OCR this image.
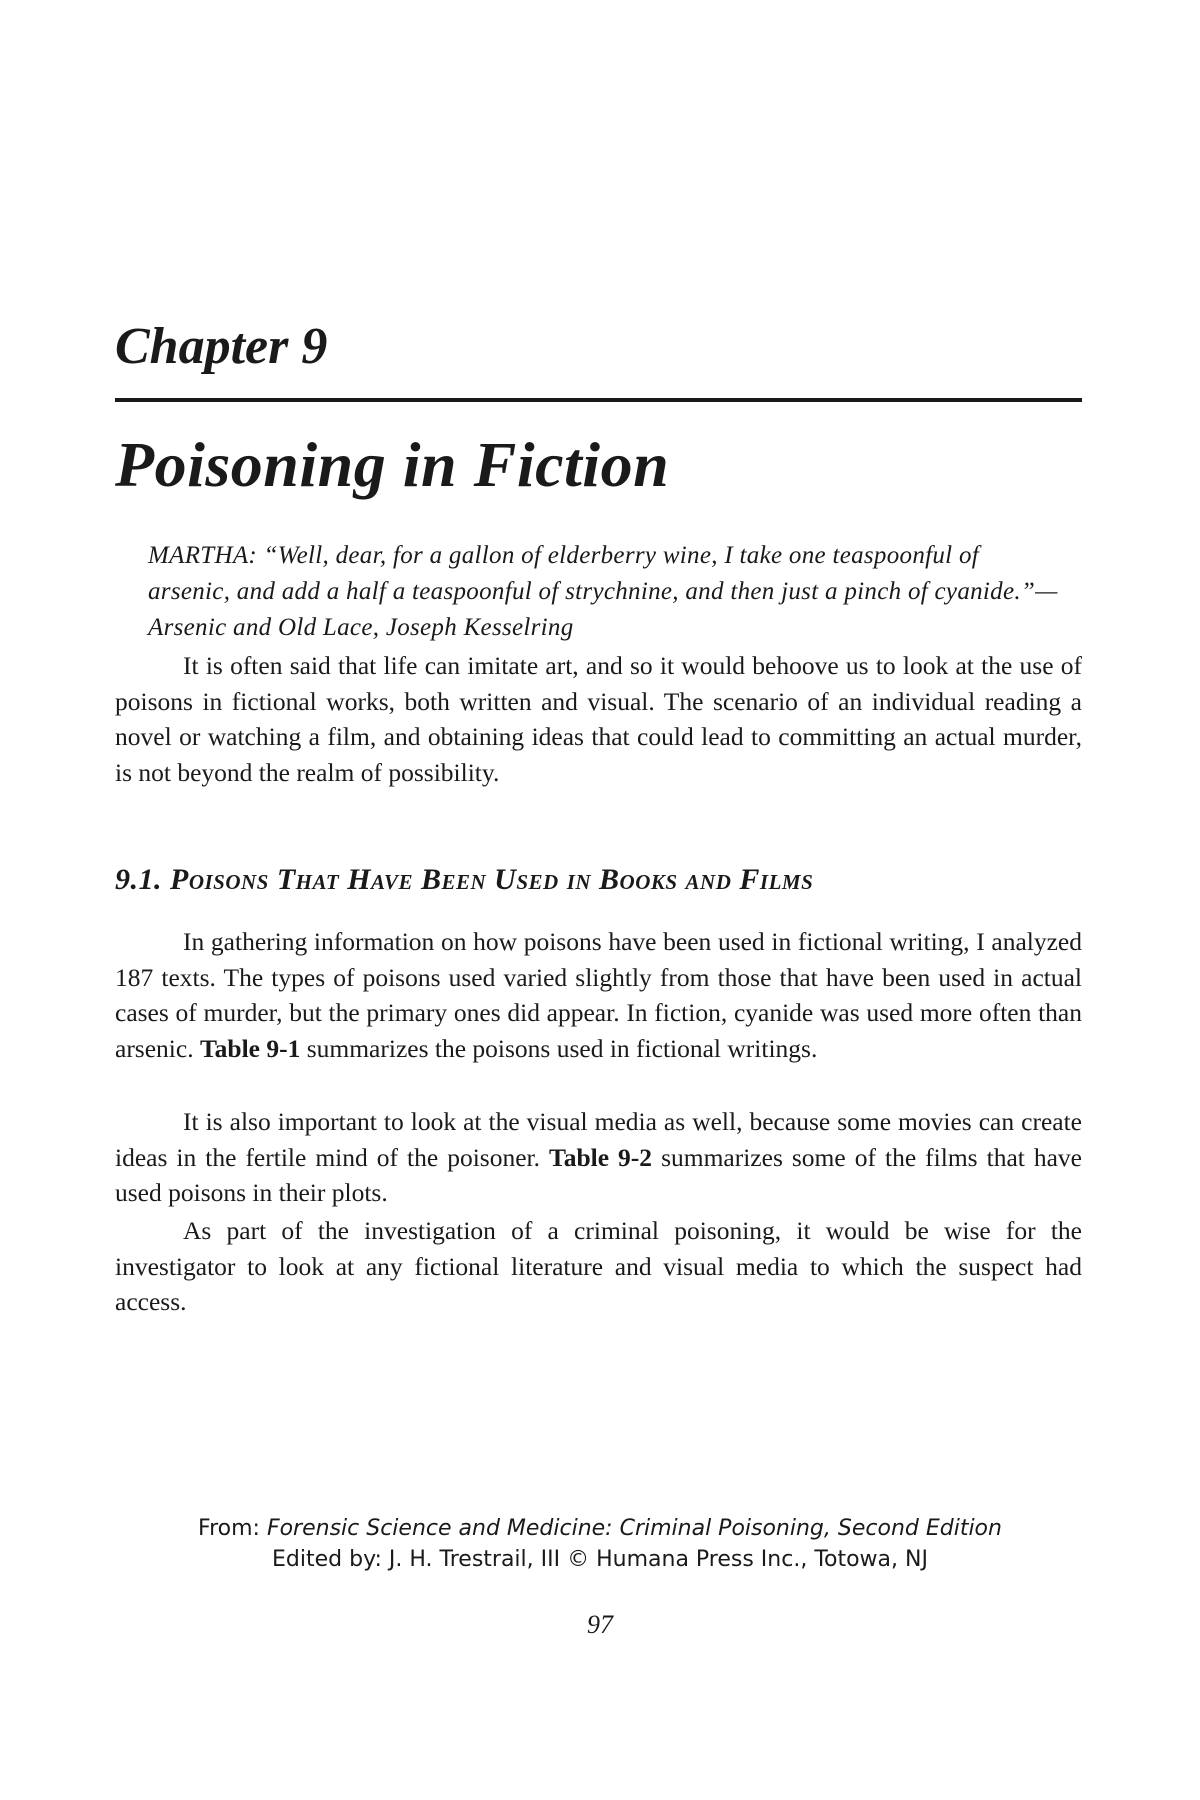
Chapter 9
Poisoning in Fiction

MARTHA: “Well, dear, for a gallon of elderberry wine, I take one teaspoonful of arsenic, and add a half a teaspoonful of strychnine, and then just a pinch of cyanide.”—Arsenic and Old Lace, Joseph Kesselring

It is often said that life can imitate art, and so it would behoove us to look at the use of poisons in fictional works, both written and visual. The scenario of an individual reading a novel or watching a film, and obtaining ideas that could lead to committing an actual murder, is not beyond the realm of possibility.

9.1. Poisons That Have Been Used in Books and Films

In gathering information on how poisons have been used in fictional writing, I analyzed 187 texts. The types of poisons used varied slightly from those that have been used in actual cases of murder, but the primary ones did appear. In fiction, cyanide was used more often than arsenic. Table 9-1 summarizes the poisons used in fictional writings.

It is also important to look at the visual media as well, because some movies can create ideas in the fertile mind of the poisoner. Table 9-2 summarizes some of the films that have used poisons in their plots.

As part of the investigation of a criminal poisoning, it would be wise for the investigator to look at any fictional literature and visual media to which the suspect had access.

From: Forensic Science and Medicine: Criminal Poisoning, Second Edition

Edited by: J. H. Trestrail, III © Humana Press Inc., Totowa, NJ

97
